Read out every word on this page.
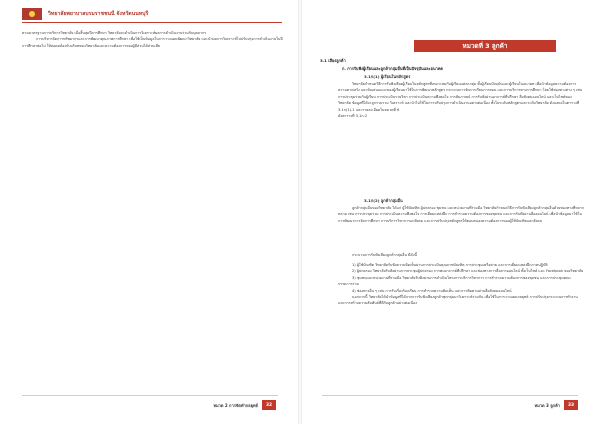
วิทยาลัยพยาบาลบรมราชชนนี จังหวัดนนทบุรี

ตามมาตรฐานการบริหารวิทยาลัย เมื่อสิ้นสุดปีการศึกษา วิทยาลัยจะดำเนินการวิเคราะห์ผลการดำเนินงานร่วมกับบุคลากร

การบริหารจัดการทรัพยากรและการพัฒนาคุณภาพการศึกษา เพื่อใช้เป็นข้อมูลในการวางแผนพัฒนาวิทยาลัย และนำผลการวิเคราะห์ไปปรับปรุงการดำเนินงานในปีการศึกษาต่อไป ให้สอดคล้องกับบริบทของวิทยาลัยและความต้องการของผู้มีส่วนได้ส่วนเสีย

หมวด 2 การจัดทำกลยุทธ์	32
หมวดที่ 3 ลูกค้า
3.1 เสียงลูกค้า
ก. การรับฟังผู้เรียนและลูกค้ากลุ่มอื่นที่เป็นปัจจุบันและอนาคต
3.1ก(1) ผู้เรียนในหลักสูตร

วิทยาลัยกำหนดวิธีการรับฟังเสียงผู้เรียนในหลักสูตรที่เหมาะสมกับผู้เรียนแต่ละกลุ่ม ทั้งผู้เรียนปัจจุบันและผู้เรียนในอนาคต เพื่อนำข้อมูลความต้องการ ความคาดหวัง และข้อเสนอแนะของผู้เรียนมาใช้ในการพัฒนาหลักสูตร กระบวนการจัดการเรียนการสอน และการบริการทางการศึกษา โดยใช้ช่องทางต่าง ๆ เช่น การประชุมร่วมกับผู้เรียน การประเมินรายวิชา การประเมินความพึงพอใจ การสัมภาษณ์ การรับฟังผ่านอาจารย์ที่ปรึกษา สื่อสังคมออนไลน์ และเว็บไซต์ของวิทยาลัย ข้อมูลที่ได้จะถูกรวบรวม วิเคราะห์ และนำไปใช้ในการปรับปรุงการดำเนินงานอย่างต่อเนื่อง ทั้งในระดับหลักสูตรและระดับวิทยาลัย ดังแสดงในตารางที่ 3.1ก(1)-1 และรายละเอียดในหมวดที่ 6

ดังตารางที่ 3.1ก-2

3.1ก(2) ลูกค้ากลุ่มอื่น

ลูกค้ากลุ่มอื่นของวิทยาลัย ได้แก่ ผู้ใช้บัณฑิต ผู้ปกครอง ชุมชน และหน่วยงานที่ร่วมมือ วิทยาลัยกำหนดวิธีการรับฟังเสียงลูกค้ากลุ่มอื่นด้วยช่องทางที่หลากหลาย เช่น การประชุมร่วม การประเมินความพึงพอใจ การเยี่ยมแหล่งฝึก การสำรวจความต้องการของชุมชน และการรับฟังผ่านสื่อออนไลน์ เพื่อนำข้อมูลมาใช้ในการพัฒนาการจัดการศึกษา การบริการวิชาการแก่สังคม และการปรับปรุงหลักสูตรให้ตอบสนองความต้องการของผู้ใช้บัณฑิตและสังคม

กระบวนการรับฟังเสียงลูกค้ากลุ่มอื่น มีดังนี้

1) ผู้ใช้บัณฑิต วิทยาลัยรับฟังความคิดเห็นผ่านการประเมินคุณภาพบัณฑิต การประชุมเครือข่าย และการเยี่ยมแหล่งฝึกภาคปฏิบัติ

2) ผู้ปกครอง วิทยาลัยรับฟังผ่านการประชุมผู้ปกครอง การพบอาจารย์ที่ปรึกษา และช่องทางการสื่อสารออนไลน์ ทั้งเว็บไซต์ และ Facebook ของวิทยาลัย

3) ชุมชนและหน่วยงานที่ร่วมมือ วิทยาลัยรับฟังผ่านการดำเนินโครงการบริการวิชาการ การสำรวจความต้องการของชุมชน และการประชุมคณะกรรมการร่วม

4) ช่องทางอื่น ๆ เช่น การรับเรื่องร้องเรียน การสำรวจความคิดเห็น และการติดตามผ่านสื่อสังคมออนไลน์

นอกจากนี้ วิทยาลัยได้นำข้อมูลที่ได้จากการรับฟังเสียงลูกค้าทุกกลุ่มมาวิเคราะห์ร่วมกัน เพื่อใช้ในการวางแผนกลยุทธ์ การปรับปรุงกระบวนการทำงาน และการสร้างความสัมพันธ์ที่ดีกับลูกค้าอย่างต่อเนื่อง

หมวด 3 ลูกค้า	33
